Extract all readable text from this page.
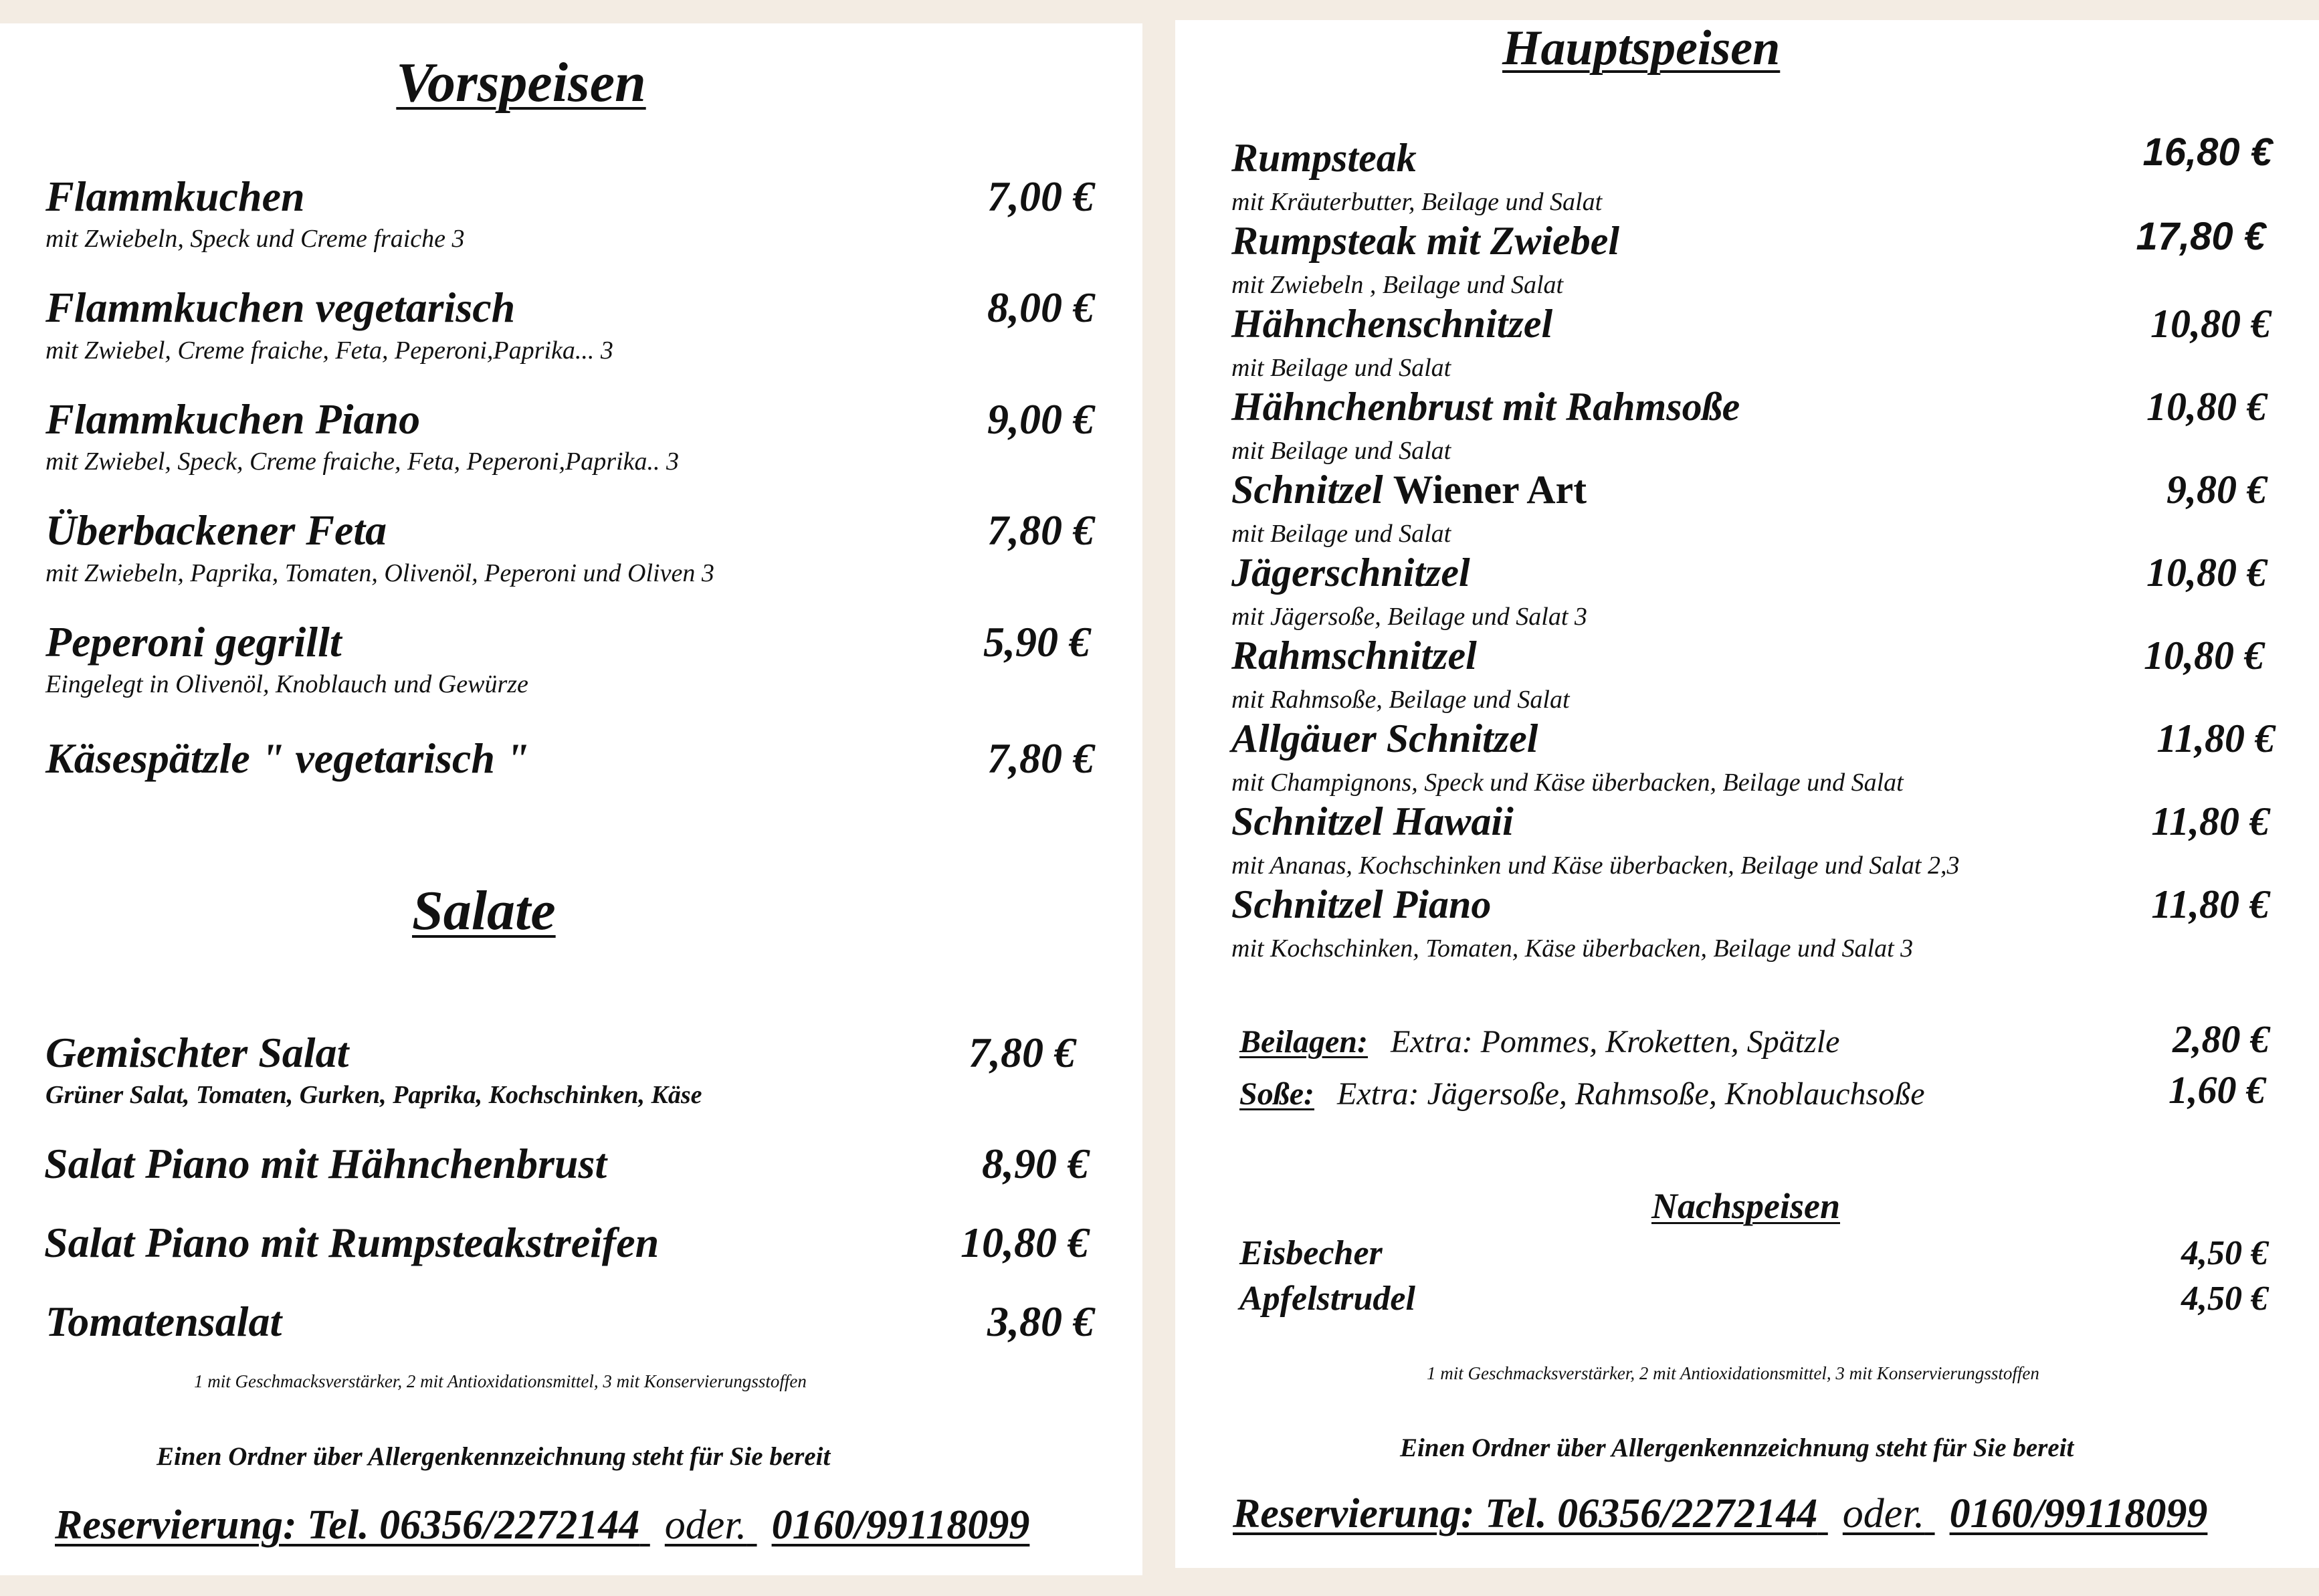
Vorspeisen
Flammkuchen	7,00 €
mit Zwiebeln, Speck und Creme fraiche 3
Flammkuchen vegetarisch	8,00 €
mit Zwiebel, Creme fraiche, Feta, Peperoni,Paprika... 3
Flammkuchen Piano	9,00 €
mit Zwiebel, Speck, Creme fraiche, Feta, Peperoni,Paprika.. 3
Überbackener Feta	7,80 €
mit Zwiebeln, Paprika, Tomaten, Olivenöl, Peperoni und Oliven 3
Peperoni gegrillt	5,90 €
Eingelegt in Olivenöl, Knoblauch und Gewürze
Käsespätzle " vegetarisch "	7,80 €
Salate
Gemischter Salat	7,80 €
Grüner Salat, Tomaten, Gurken, Paprika, Kochschinken, Käse
Salat Piano mit Hähnchenbrust	8,90 €
Salat Piano mit Rumpsteakstreifen	10,80 €
Tomatensalat	3,80 €
1 mit Geschmacksverstärker, 2 mit Antioxidationsmittel, 3 mit Konservierungsstoffen
Einen Ordner über Allergenkennzeichnung steht für Sie bereit
Reservierung: Tel. 06356/2272144 oder. 0160/99118099
Hauptspeisen
Rumpsteak	16,80 €
mit Kräuterbutter, Beilage und Salat
Rumpsteak mit Zwiebel	17,80 €
mit Zwiebeln , Beilage und Salat
Hähnchenschnitzel	10,80 €
mit Beilage und Salat
Hähnchenbrust mit Rahmsoße	10,80 €
mit Beilage und Salat
Schnitzel Wiener Art	9,80 €
mit Beilage und Salat
Jägerschnitzel	10,80 €
mit Jägersoße, Beilage und Salat 3
Rahmschnitzel	10,80 €
mit Rahmsoße, Beilage und Salat
Allgäuer Schnitzel	11,80 €
mit Champignons, Speck und Käse überbacken, Beilage und Salat
Schnitzel Hawaii	11,80 €
mit Ananas, Kochschinken und Käse überbacken, Beilage und Salat 2,3
Schnitzel Piano	11,80 €
mit Kochschinken, Tomaten, Käse überbacken, Beilage und Salat 3
Beilagen: Extra: Pommes, Kroketten, Spätzle	2,80 €
Soße: Extra: Jägersoße, Rahmsoße, Knoblauchsoße	1,60 €
Nachspeisen
Eisbecher	4,50 €
Apfelstrudel	4,50 €
1 mit Geschmacksverstärker, 2 mit Antioxidationsmittel, 3 mit Konservierungsstoffen
Einen Ordner über Allergenkennzeichnung steht für Sie bereit
Reservierung: Tel. 06356/2272144 oder. 0160/99118099
